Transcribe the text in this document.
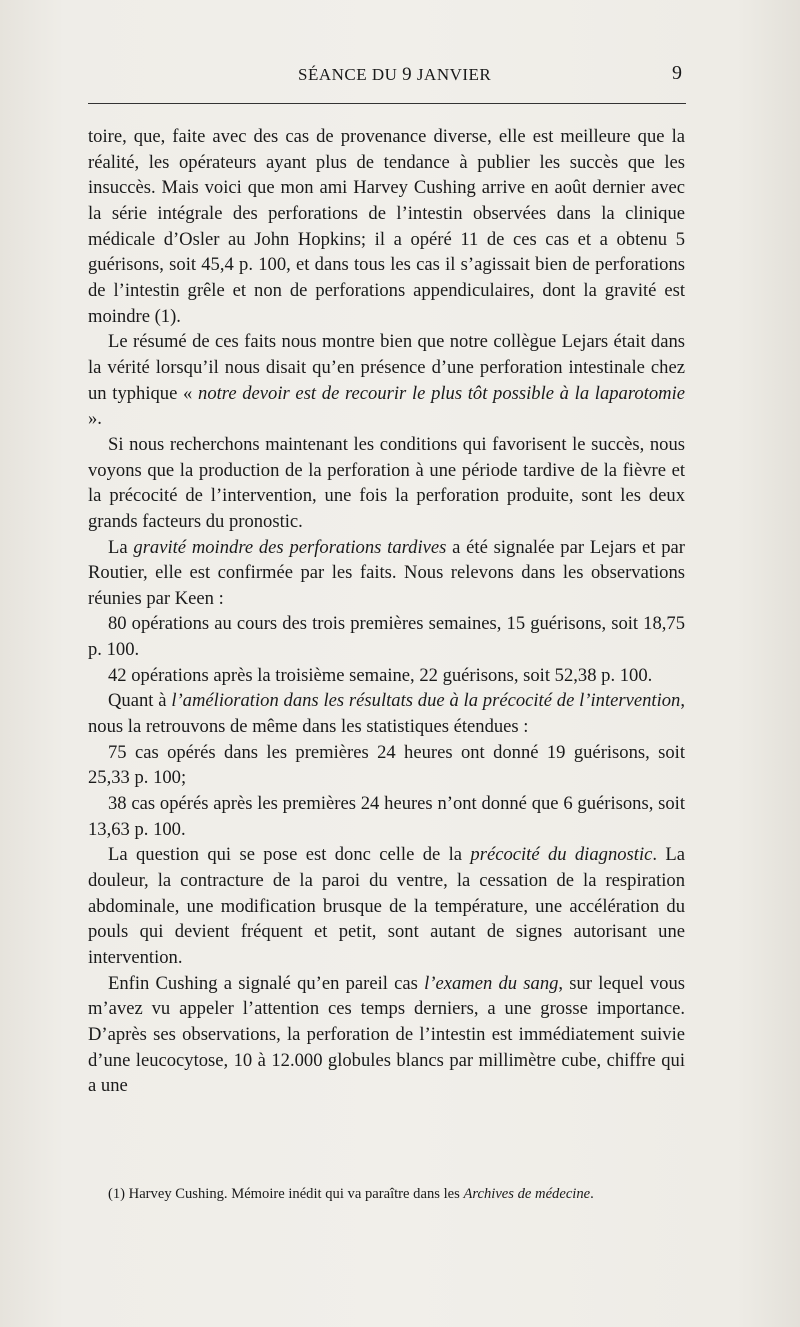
SÉANCE DU 9 JANVIER	9

toire, que, faite avec des cas de provenance diverse, elle est meilleure que la réalité, les opérateurs ayant plus de tendance à publier les succès que les insuccès. Mais voici que mon ami Harvey Cushing arrive en août dernier avec la série intégrale des perforations de l’intestin observées dans la clinique médicale d’Osler au John Hopkins; il a opéré 11 de ces cas et a obtenu 5 guérisons, soit 45,4 p. 100, et dans tous les cas il s’agissait bien de perforations de l’intestin grêle et non de perforations appendiculaires, dont la gravité est moindre (1).

Le résumé de ces faits nous montre bien que notre collègue Lejars était dans la vérité lorsqu’il nous disait qu’en présence d’une perforation intestinale chez un typhique « notre devoir est de recourir le plus tôt possible à la laparotomie ».

Si nous recherchons maintenant les conditions qui favorisent le succès, nous voyons que la production de la perforation à une période tardive de la fièvre et la précocité de l’intervention, une fois la perforation produite, sont les deux grands facteurs du pronostic.

La gravité moindre des perforations tardives a été signalée par Lejars et par Routier, elle est confirmée par les faits. Nous relevons dans les observations réunies par Keen :

80 opérations au cours des trois premières semaines, 15 guérisons, soit 18,75 p. 100.

42 opérations après la troisième semaine, 22 guérisons, soit 52,38 p. 100.

Quant à l’amélioration dans les résultats due à la précocité de l’intervention, nous la retrouvons de même dans les statistiques étendues :

75 cas opérés dans les premières 24 heures ont donné 19 guérisons, soit 25,33 p. 100;

38 cas opérés après les premières 24 heures n’ont donné que 6 guérisons, soit 13,63 p. 100.

La question qui se pose est donc celle de la précocité du diagnostic. La douleur, la contracture de la paroi du ventre, la cessation de la respiration abdominale, une modification brusque de la température, une accélération du pouls qui devient fréquent et petit, sont autant de signes autorisant une intervention.

Enfin Cushing a signalé qu’en pareil cas l’examen du sang, sur lequel vous m’avez vu appeler l’attention ces temps derniers, a une grosse importance. D’après ses observations, la perforation de l’intestin est immédiatement suivie d’une leucocytose, 10 à 12.000 globules blancs par millimètre cube, chiffre qui a une

(1) Harvey Cushing. Mémoire inédit qui va paraître dans les Archives de médecine.
